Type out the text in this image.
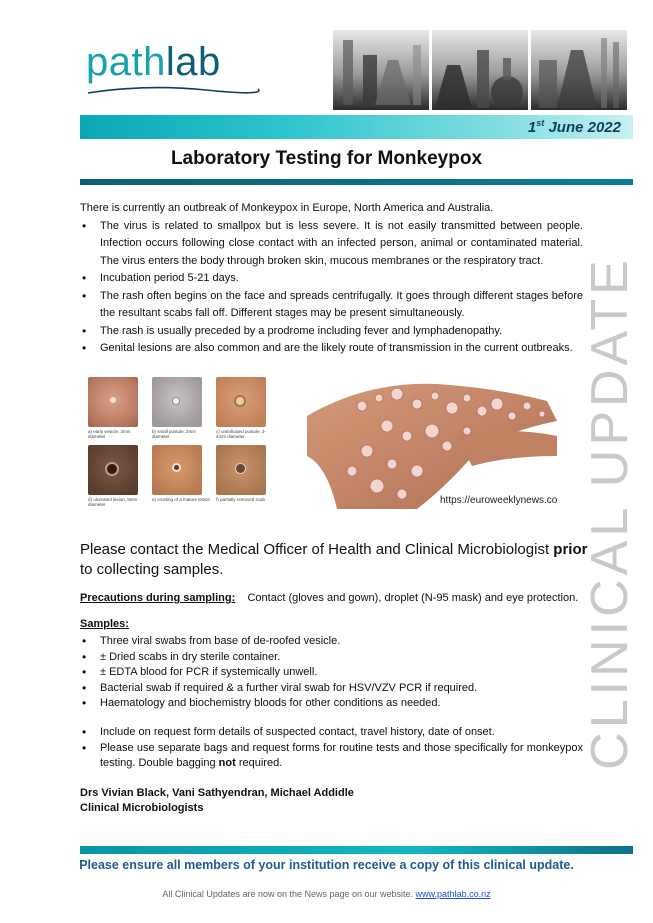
pathlab
1st June 2022
Laboratory Testing for Monkeypox
CLINICAL UPDATE
There is currently an outbreak of Monkeypox in Europe, North America and Australia.
• The virus is related to smallpox but is less severe. It is not easily transmitted between people. Infection occurs following close contact with an infected person, animal or contaminated material. The virus enters the body through broken skin, mucous membranes or the respiratory tract.
• Incubation period 5-21 days.
• The rash often begins on the face and spreads centrifugally. It goes through different stages before the resultant scabs fall off. Different stages may be present simultaneously.
• The rash is usually preceded by a prodrome including fever and lymphadenopathy.
• Genital lesions are also common and are the likely route of transmission in the current outbreaks.
a) early vesicle, 3mm diameter
b) small pustule, 2mm diameter
c) umbilicated pustule, 3-4mm diameter
d) ulcerated lesion, 5mm diameter
e) crusting of a mature lesion	f) partially removed scab	https://euroweeklynews.co
Please contact the Medical Officer of Health and Clinical Microbiologist prior to collecting samples.
Precautions during sampling: Contact (gloves and gown), droplet (N-95 mask) and eye protection.
Samples:
• Three viral swabs from base of de-roofed vesicle.
• ± Dried scabs in dry sterile container.
• ± EDTA blood for PCR if systemically unwell.
• Bacterial swab if required & a further viral swab for HSV/VZV PCR if required.
• Haematology and biochemistry bloods for other conditions as needed.
• Include on request form details of suspected contact, travel history, date of onset.
• Please use separate bags and request forms for routine tests and those specifically for monkeypox testing. Double bagging not required.
Drs Vivian Black, Vani Sathyendran, Michael Addidle
Clinical Microbiologists
Please ensure all members of your institution receive a copy of this clinical update.
All Clinical Updates are now on the News page on our website. www.pathlab.co.nz
